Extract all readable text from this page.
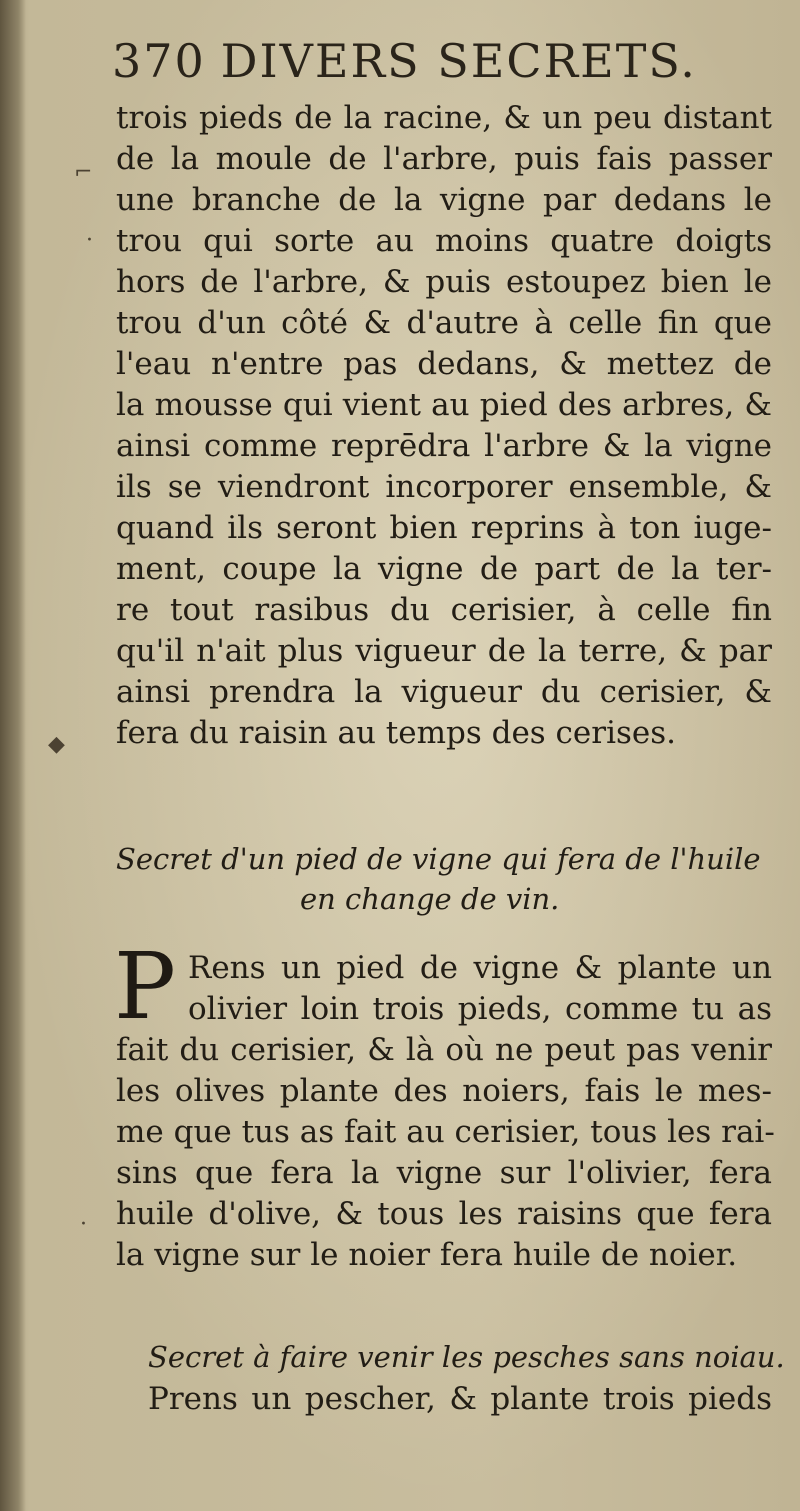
370 DIVERS SECRETS.
trois pieds de la racine, & un peu distant
de la moule de l'arbre, puis fais passer
une branche de la vigne par dedans le
trou qui sorte au moins quatre doigts
hors de l'arbre, & puis estoupez bien le
trou d'un côté & d'autre à celle fin que
l'eau n'entre pas dedans, & mettez de
la mousse qui vient au pied des arbres, &
ainsi comme reprēdra l'arbre & la vigne
ils se viendront incorporer ensemble, &
quand ils seront bien reprins à ton iuge-
ment, coupe la vigne de part de la ter-
re tout rasibus du cerisier, à celle fin
qu'il n'ait plus vigueur de la terre, & par
ainsi prendra la vigueur du cerisier, &
fera du raisin au temps des cerises.
Secret d'un pied de vigne qui fera de l'huile
en change de vin.
P Rens un pied de vigne & plante un
olivier loin trois pieds, comme tu as
fait du cerisier, & là où ne peut pas venir
les olives plante des noiers, fais le mes-
me que tus as fait au cerisier, tous les rai-
sins que fera la vigne sur l'olivier, fera
huile d'olive, & tous les raisins que fera
la vigne sur le noier fera huile de noier.
Secret à faire venir les pesches sans noiau.
Prens un pescher, & plante trois pieds
⌐
·
◆
·
